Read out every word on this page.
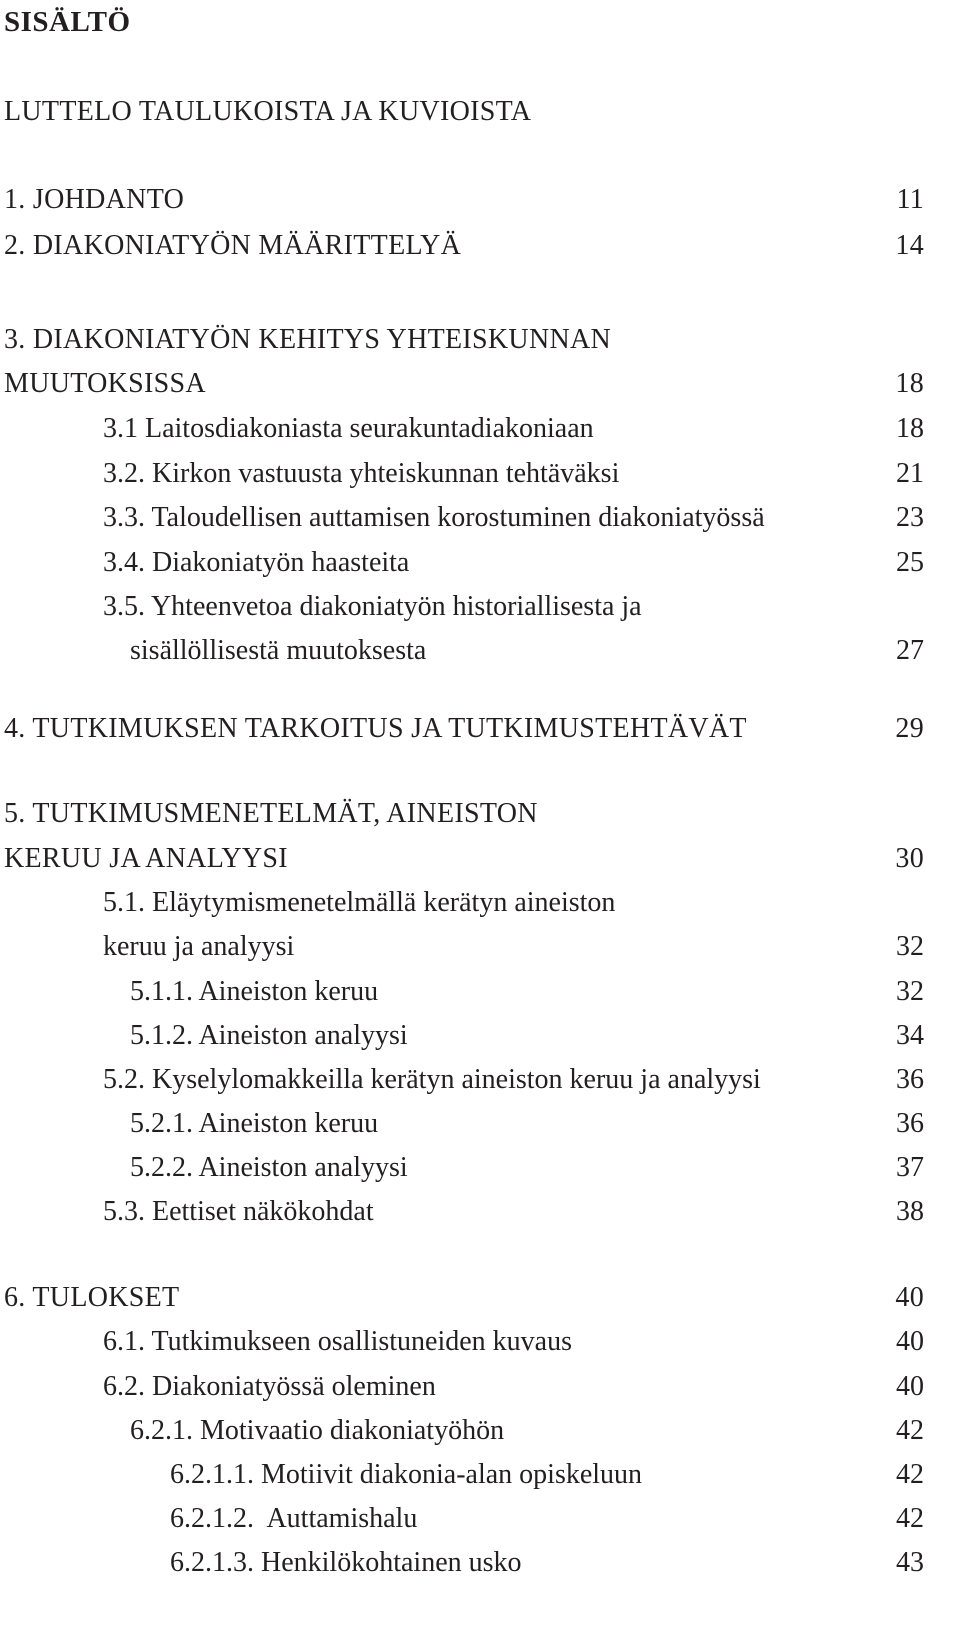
SISÄLTÖ
LUTTELO TAULUKOISTA JA KUVIOISTA
1. JOHDANTO	11
2. DIAKONIATYÖN MÄÄRITTELYÄ	14
3. DIAKONIATYÖN KEHITYS YHTEISKUNNAN
MUUTOKSISSA	18
3.1 Laitosdiakoniasta seurakuntadiakoniaan	18
3.2. Kirkon vastuusta yhteiskunnan tehtäväksi	21
3.3. Taloudellisen auttamisen korostuminen diakoniatyössä	23
3.4. Diakoniatyön haasteita	25
3.5. Yhteenvetoa diakoniatyön historiallisesta ja
sisällöllisestä muutoksesta	27
4. TUTKIMUKSEN TARKOITUS JA TUTKIMUSTEHTÄVÄT	29
5. TUTKIMUSMENETELMÄT, AINEISTON
KERUU JA ANALYYSI	30
5.1. Eläytymismenetelmällä kerätyn aineiston
keruu ja analyysi	32
5.1.1. Aineiston keruu	32
5.1.2. Aineiston analyysi	34
5.2. Kyselylomakkeilla kerätyn aineiston keruu ja analyysi	36
5.2.1. Aineiston keruu	36
5.2.2. Aineiston analyysi	37
5.3. Eettiset näkökohdat	38
6. TULOKSET	40
6.1. Tutkimukseen osallistuneiden kuvaus	40
6.2. Diakoniatyössä oleminen	40
6.2.1. Motivaatio diakoniatyöhön	42
6.2.1.1. Motiivit diakonia-alan opiskeluun	42
6.2.1.2.  Auttamishalu	42
6.2.1.3. Henkilökohtainen usko	43
